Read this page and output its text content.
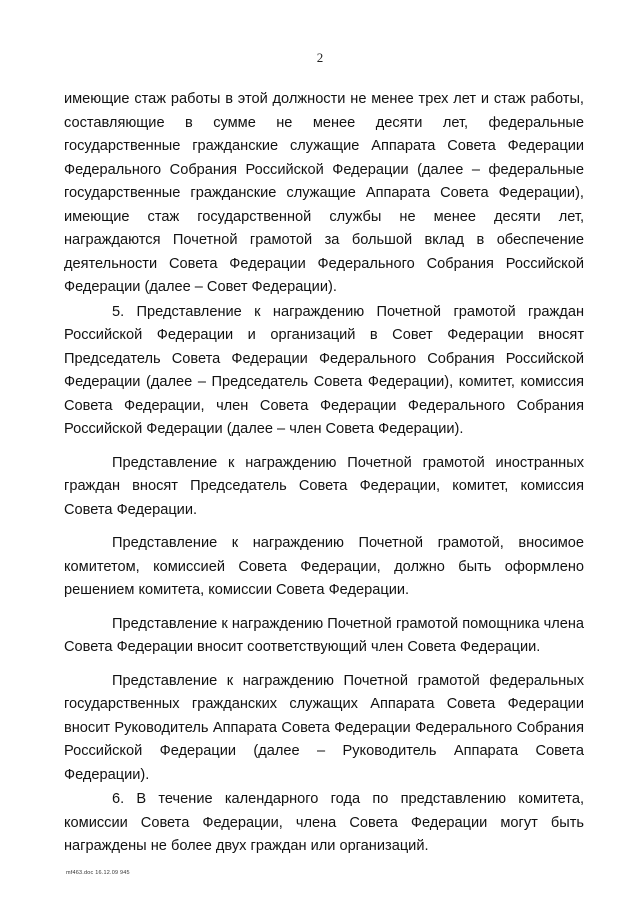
2

имеющие стаж работы в этой должности не менее трех лет и стаж работы, составляющие в сумме не менее десяти лет, федеральные государственные гражданские служащие Аппарата Совета Федерации Федерального Собрания Российской Федерации (далее – федеральные государственные гражданские служащие Аппарата Совета Федерации), имеющие стаж государственной службы не менее десяти лет, награждаются Почетной грамотой за большой вклад в обеспечение деятельности Совета Федерации Федерального Собрания Российской Федерации (далее – Совет Федерации).

5. Представление к награждению Почетной грамотой граждан Российской Федерации и организаций в Совет Федерации вносят Председатель Совета Федерации Федерального Собрания Российской Федерации (далее – Председатель Совета Федерации), комитет, комиссия Совета Федерации, член Совета Федерации Федерального Собрания Российской Федерации (далее – член Совета Федерации).

Представление к награждению Почетной грамотой иностранных граждан вносят Председатель Совета Федерации, комитет, комиссия Совета Федерации.

Представление к награждению Почетной грамотой, вносимое комитетом, комиссией Совета Федерации, должно быть оформлено решением комитета, комиссии Совета Федерации.

Представление к награждению Почетной грамотой помощника члена Совета Федерации вносит соответствующий член Совета Федерации.

Представление к награждению Почетной грамотой федеральных государственных гражданских служащих Аппарата Совета Федерации вносит Руководитель Аппарата Совета Федерации Федерального Собрания Российской Федерации (далее – Руководитель Аппарата Совета Федерации).

6. В течение календарного года по представлению комитета, комиссии Совета Федерации, члена Совета Федерации могут быть награждены не более двух граждан или организаций.

mf463.doc 16.12.09 945
